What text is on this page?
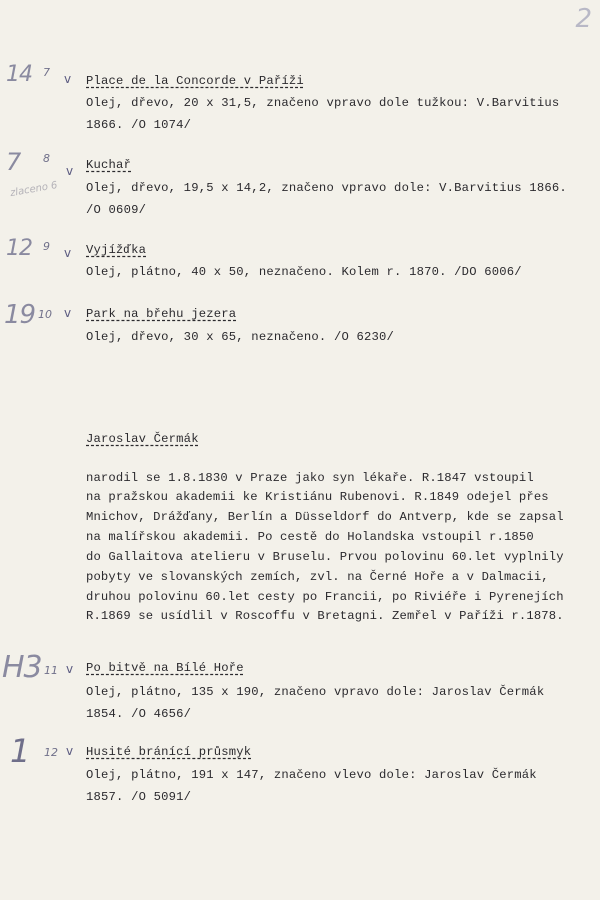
2
14 7 v Place de la Concorde v Paříži
Olej, dřevo, 20 x 31,5, značeno vpravo dole tužkou: V.Barvitius
1866. /O 1074/
7 8
v
zlaceno 6
Kuchař
Olej, dřevo, 19,5 x 14,2, značeno vpravo dole: V.Barvitius 1866.
/O 0609/
12 9 v Vyjížďka
Olej, plátno, 40 x 50, neznačeno. Kolem r. 1870. /DO 6006/
19 10 v Park na břehu jezera
Olej, dřevo, 30 x 65, neznačeno. /O 6230/
Jaroslav Čermák
narodil se 1.8.1830 v Praze jako syn lékaře. R.1847 vstoupil
na pražskou akademii ke Kristiánu Rubenovi. R.1849 odejel přes
Mnichov, Drážďany, Berlín a Düsseldorf do Antverp, kde se zapsal
na malířskou akademii. Po cestě do Holandska vstoupil r.1850
do Gallaitova atelieru v Bruselu. Prvou polovinu 60.let vyplnily
pobyty ve slovanských zemích, zvl. na Černé Hoře a v Dalmacii,
druhou polovinu 60.let cesty po Francii, po Riviéře i Pyrenejích
R.1869 se usídlil v Roscoffu v Bretagni. Zemřel v Paříži r.1878.
H3 11 v Po bitvě na Bílé Hoře
Olej, plátno, 135 x 190, značeno vpravo dole: Jaroslav Čermák
1854. /O 4656/
1 12 v Husité bránící průsmyk
Olej, plátno, 191 x 147, značeno vlevo dole: Jaroslav Čermák
1857. /O 5091/
